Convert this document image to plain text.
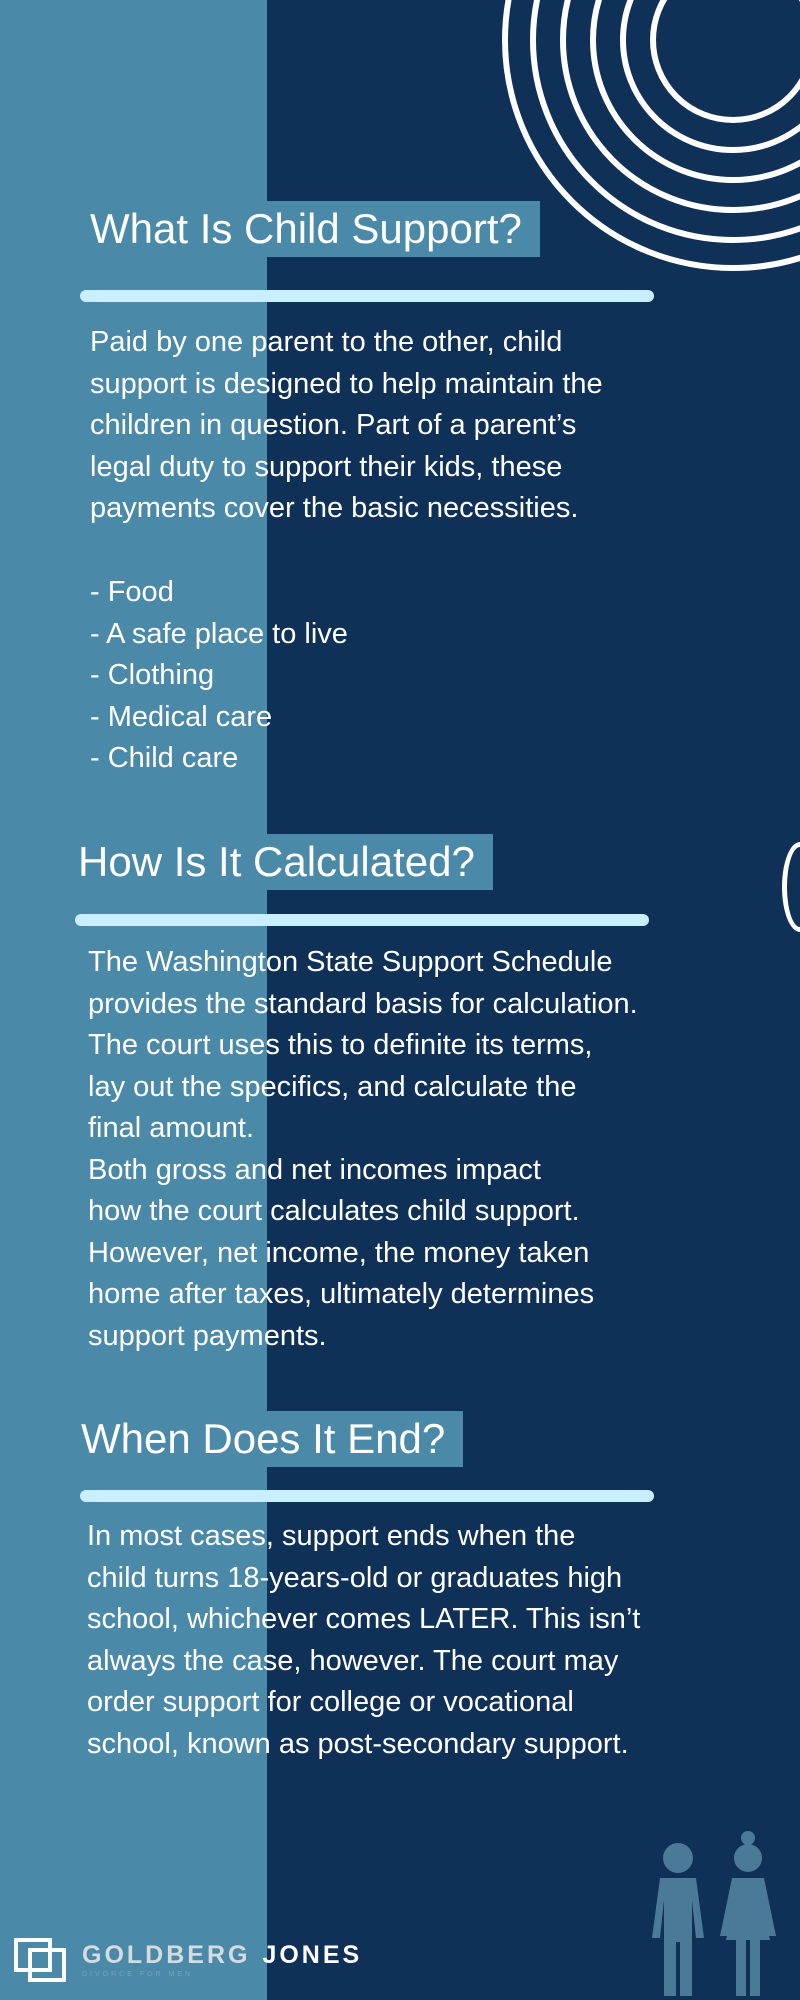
What Is Child Support?

Paid by one parent to the other, child
support is designed to help maintain the
children in question. Part of a parent’s
legal duty to support their kids, these
payments cover the basic necessities.

- Food
- A safe place to live
- Clothing
- Medical care
- Child care
How Is It Calculated?

The Washington State Support Schedule
provides the standard basis for calculation.
The court uses this to definite its terms,
lay out the specifics, and calculate the
final amount.
Both gross and net incomes impact
how the court calculates child support.
However, net income, the money taken
home after taxes, ultimately determines
support payments.

When Does It End?

In most cases, support ends when the
child turns 18-years-old or graduates high
school, whichever comes LATER. This isn’t
always the case, however. The court may
order support for college or vocational
school, known as post-secondary support.

GOLDBERG JONES
DIVORCE FOR MEN
